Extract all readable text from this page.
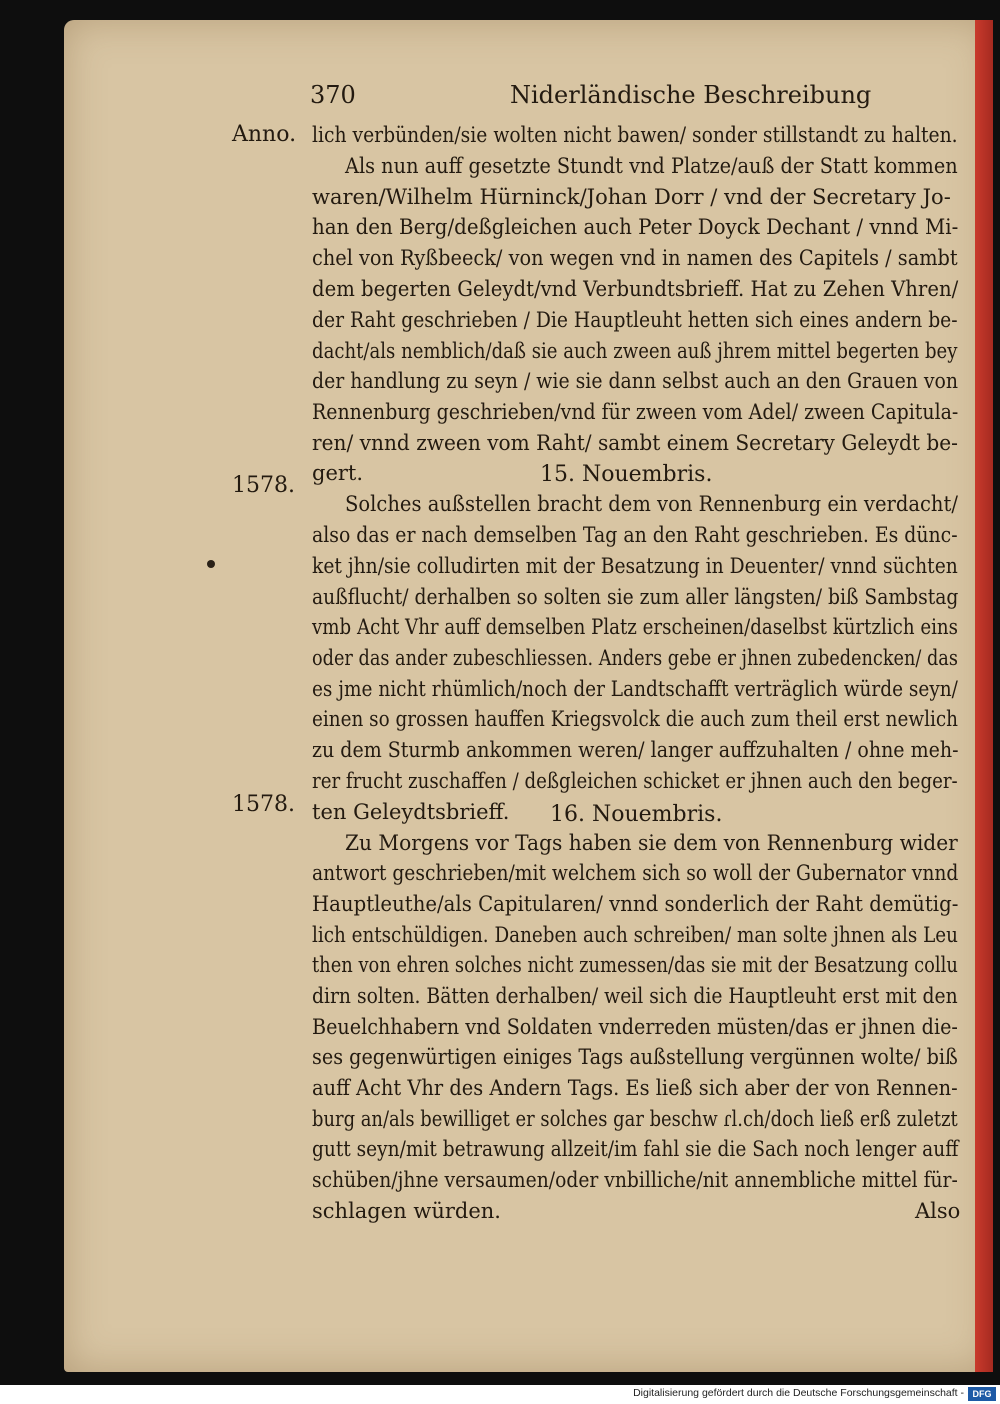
370	Niderländische Beschreibung
Anno.
1578.
1578.
lich verbünden/sie wolten nicht bawen/ sonder stillstandt zu halten.
Als nun auff gesetzte Stundt vnd Platze/auß der Statt kommen
waren/Wilhelm Hürninck/Johan Dorr / vnd der Secretary Jo-
han den Berg/deßgleichen auch Peter Doyck Dechant / vnnd Mi-
chel von Ryßbeeck/ von wegen vnd in namen des Capitels / sambt
dem begerten Geleydt/vnd Verbundtsbrieff. Hat zu Zehen Vhren/
der Raht geschrieben / Die Hauptleuht hetten sich eines andern be-
dacht/als nemblich/daß sie auch zween auß jhrem mittel begerten bey
der handlung zu seyn / wie sie dann selbst auch an den Grauen von
Rennenburg geschrieben/vnd für zween vom Adel/ zween Capitula-
ren/ vnnd zween vom Raht/ sambt einem Secretary Geleydt be-
gert.	15. Nouembris.
Solches außstellen bracht dem von Rennenburg ein verdacht/
also das er nach demselben Tag an den Raht geschrieben. Es dünc-
ket jhn/sie colludirten mit der Besatzung in Deuenter/ vnnd süchten
außflucht/ derhalben so solten sie zum aller längsten/ biß Sambstag
vmb Acht Vhr auff demselben Platz erscheinen/daselbst kürtzlich eins
oder das ander zubeschliessen. Anders gebe er jhnen zubedencken/ das
es jme nicht rhümlich/noch der Landtschafft verträglich würde seyn/
einen so grossen hauffen Kriegsvolck die auch zum theil erst newlich
zu dem Sturmb ankommen weren/ langer auffzuhalten / ohne meh-
rer frucht zuschaffen / deßgleichen schicket er jhnen auch den beger-
ten Geleydtsbrieff. 16. Nouembris.
Zu Morgens vor Tags haben sie dem von Rennenburg wider
antwort geschrieben/mit welchem sich so woll der Gubernator vnnd
Hauptleuthe/als Capitularen/ vnnd sonderlich der Raht demütig-
lich entschüldigen. Daneben auch schreiben/ man solte jhnen als Leu
then von ehren solches nicht zumessen/das sie mit der Besatzung collu
dirn solten. Bätten derhalben/ weil sich die Hauptleuht erst mit den
Beuelchhabern vnd Soldaten vnderreden müsten/das er jhnen die-
ses gegenwürtigen einiges Tags außstellung vergünnen wolte/ biß
auff Acht Vhr des Andern Tags. Es ließ sich aber der von Rennen-
burg an/als bewilliget er solches gar beschw ɾl.ch/doch ließ erß zuletzt
gutt seyn/mit betrawung allzeit/im fahl sie die Sach noch lenger auff
schüben/jhne versaumen/oder vnbilliche/nit annembliche mittel für-
schlagen würden.	Also
Digitalisierung gefördert durch die Deutsche Forschungsgemeinschaft - DFG
